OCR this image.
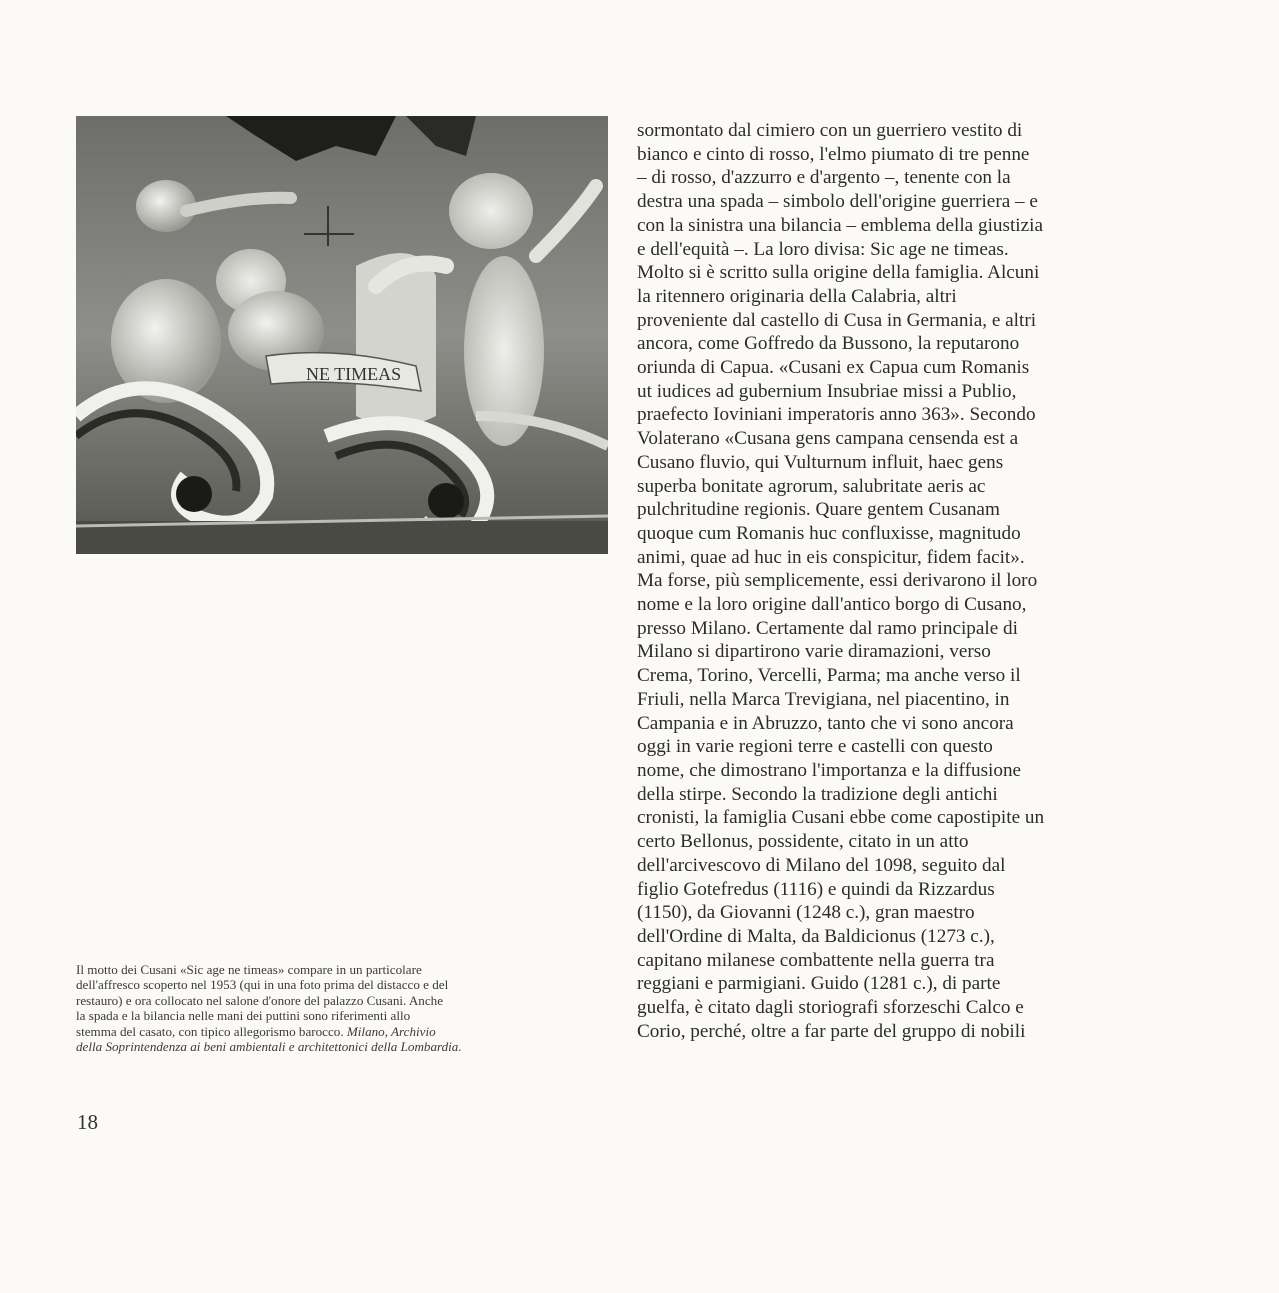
NE TIMEAS
Il motto dei Cusani «Sic age ne timeas» compare in un particolare
dell'affresco scoperto nel 1953 (qui in una foto prima del distacco e del
restauro) e ora collocato nel salone d'onore del palazzo Cusani. Anche
la spada e la bilancia nelle mani dei puttini sono riferimenti allo
stemma del casato, con tipico allegorismo barocco. Milano, Archivio
della Soprintendenza ai beni ambientali e architettonici della Lombardia.
18
sormontato dal cimiero con un guerriero vestito di
bianco e cinto di rosso, l'elmo piumato di tre penne
– di rosso, d'azzurro e d'argento –, tenente con la
destra una spada – simbolo dell'origine guerriera – e
con la sinistra una bilancia – emblema della giustizia
e dell'equità –. La loro divisa: Sic age ne timeas.
Molto si è scritto sulla origine della famiglia. Alcuni
la ritennero originaria della Calabria, altri
proveniente dal castello di Cusa in Germania, e altri
ancora, come Goffredo da Bussono, la reputarono
oriunda di Capua. «Cusani ex Capua cum Romanis
ut iudices ad gubernium Insubriae missi a Publio,
praefecto Ioviniani imperatoris anno 363». Secondo
Volaterano «Cusana gens campana censenda est a
Cusano fluvio, qui Vulturnum influit, haec gens
superba bonitate agrorum, salubritate aeris ac
pulchritudine regionis. Quare gentem Cusanam
quoque cum Romanis huc confluxisse, magnitudo
animi, quae ad huc in eis conspicitur, fidem facit».
Ma forse, più semplicemente, essi derivarono il loro
nome e la loro origine dall'antico borgo di Cusano,
presso Milano. Certamente dal ramo principale di
Milano si dipartirono varie diramazioni, verso
Crema, Torino, Vercelli, Parma; ma anche verso il
Friuli, nella Marca Trevigiana, nel piacentino, in
Campania e in Abruzzo, tanto che vi sono ancora
oggi in varie regioni terre e castelli con questo
nome, che dimostrano l'importanza e la diffusione
della stirpe. Secondo la tradizione degli antichi
cronisti, la famiglia Cusani ebbe come capostipite un
certo Bellonus, possidente, citato in un atto
dell'arcivescovo di Milano del 1098, seguito dal
figlio Gotefredus (1116) e quindi da Rizzardus
(1150), da Giovanni (1248 c.), gran maestro
dell'Ordine di Malta, da Baldicionus (1273 c.),
capitano milanese combattente nella guerra tra
reggiani e parmigiani. Guido (1281 c.), di parte
guelfa, è citato dagli storiografi sforzeschi Calco e
Corio, perché, oltre a far parte del gruppo di nobili
